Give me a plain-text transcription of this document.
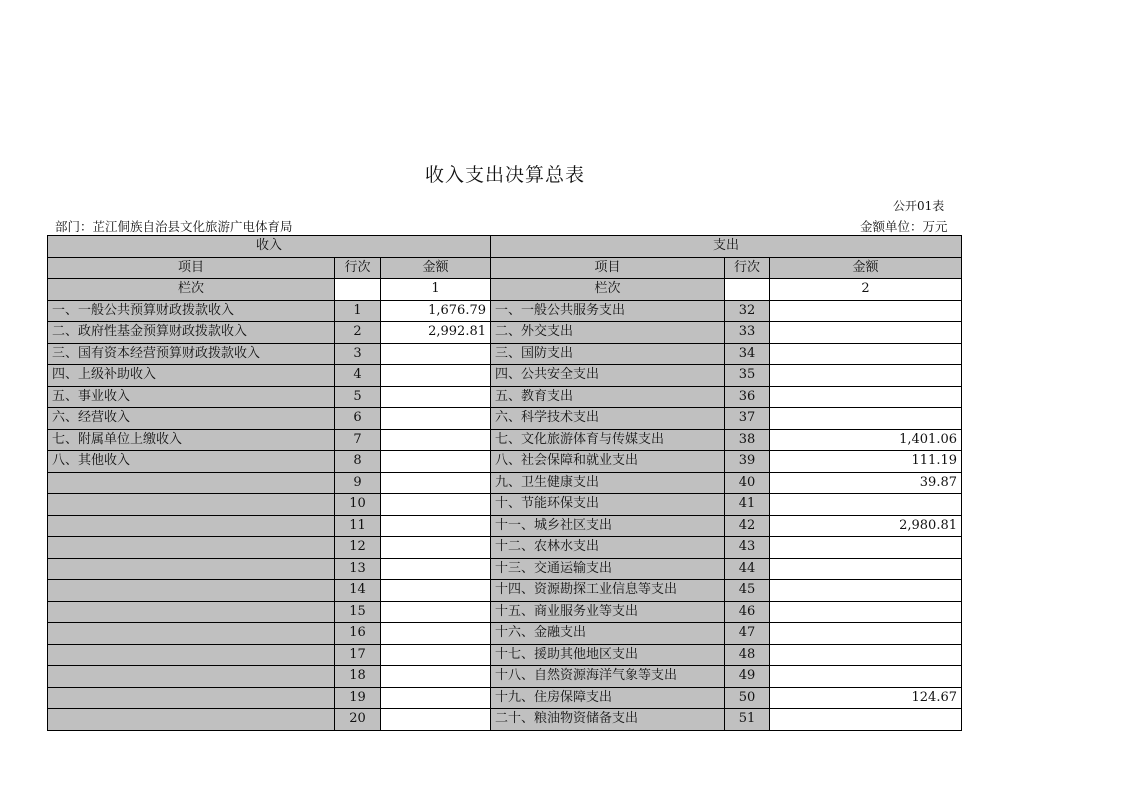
收入支出决算总表
公开01表
部门：芷江侗族自治县文化旅游广电体育局	金额单位：万元
收入			支出		
项目	行次	金额	项目	行次	金额
栏次		1	栏次		2
一、一般公共预算财政拨款收入	1	1,676.79	一、一般公共服务支出	32	
二、政府性基金预算财政拨款收入	2	2,992.81	二、外交支出	33	
三、国有资本经营预算财政拨款收入	3		三、国防支出	34	
四、上级补助收入	4		四、公共安全支出	35	
五、事业收入	5		五、教育支出	36	
六、经营收入	6		六、科学技术支出	37	
七、附属单位上缴收入	7		七、文化旅游体育与传媒支出	38	1,401.06
八、其他收入	8		八、社会保障和就业支出	39	111.19
	9		九、卫生健康支出	40	39.87
	10		十、节能环保支出	41	
	11		十一、城乡社区支出	42	2,980.81
	12		十二、农林水支出	43	
	13		十三、交通运输支出	44	
	14		十四、资源勘探工业信息等支出	45	
	15		十五、商业服务业等支出	46	
	16		十六、金融支出	47	
	17		十七、援助其他地区支出	48	
	18		十八、自然资源海洋气象等支出	49	
	19		十九、住房保障支出	50	124.67
	20		二十、粮油物资储备支出	51	
